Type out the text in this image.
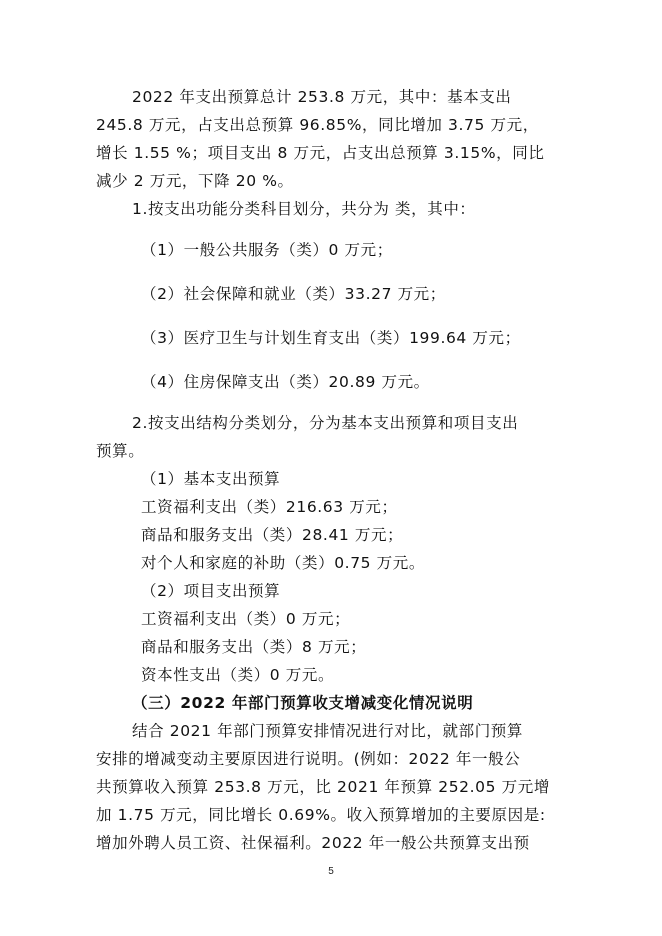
2022 年支出预算总计 253.8 万元，其中：基本支出
245.8 万元，占支出总预算 96.85%，同比增加 3.75 万元，
增长 1.55 %；项目支出 8 万元，占支出总预算 3.15%，同比
减少 2 万元，下降 20 %。
1.按支出功能分类科目划分，共分为 类，其中：
（1）一般公共服务（类）0 万元；
（2）社会保障和就业（类）33.27 万元；
（3）医疗卫生与计划生育支出（类）199.64 万元；
（4）住房保障支出（类）20.89 万元。
2.按支出结构分类划分，分为基本支出预算和项目支出
预算。
（1）基本支出预算
工资福利支出（类）216.63 万元；
商品和服务支出（类）28.41 万元；
对个人和家庭的补助（类）0.75 万元。
（2）项目支出预算
工资福利支出（类）0 万元；
商品和服务支出（类）8 万元；
资本性支出（类）0 万元。
（三）2022 年部门预算收支增减变化情况说明
结合 2021 年部门预算安排情况进行对比，就部门预算
安排的增减变动主要原因进行说明。(例如：2022 年一般公
共预算收入预算 253.8 万元，比 2021 年预算 252.05 万元增
加 1.75 万元，同比增长 0.69%。收入预算增加的主要原因是:
增加外聘人员工资、社保福利。2022 年一般公共预算支出预
5
